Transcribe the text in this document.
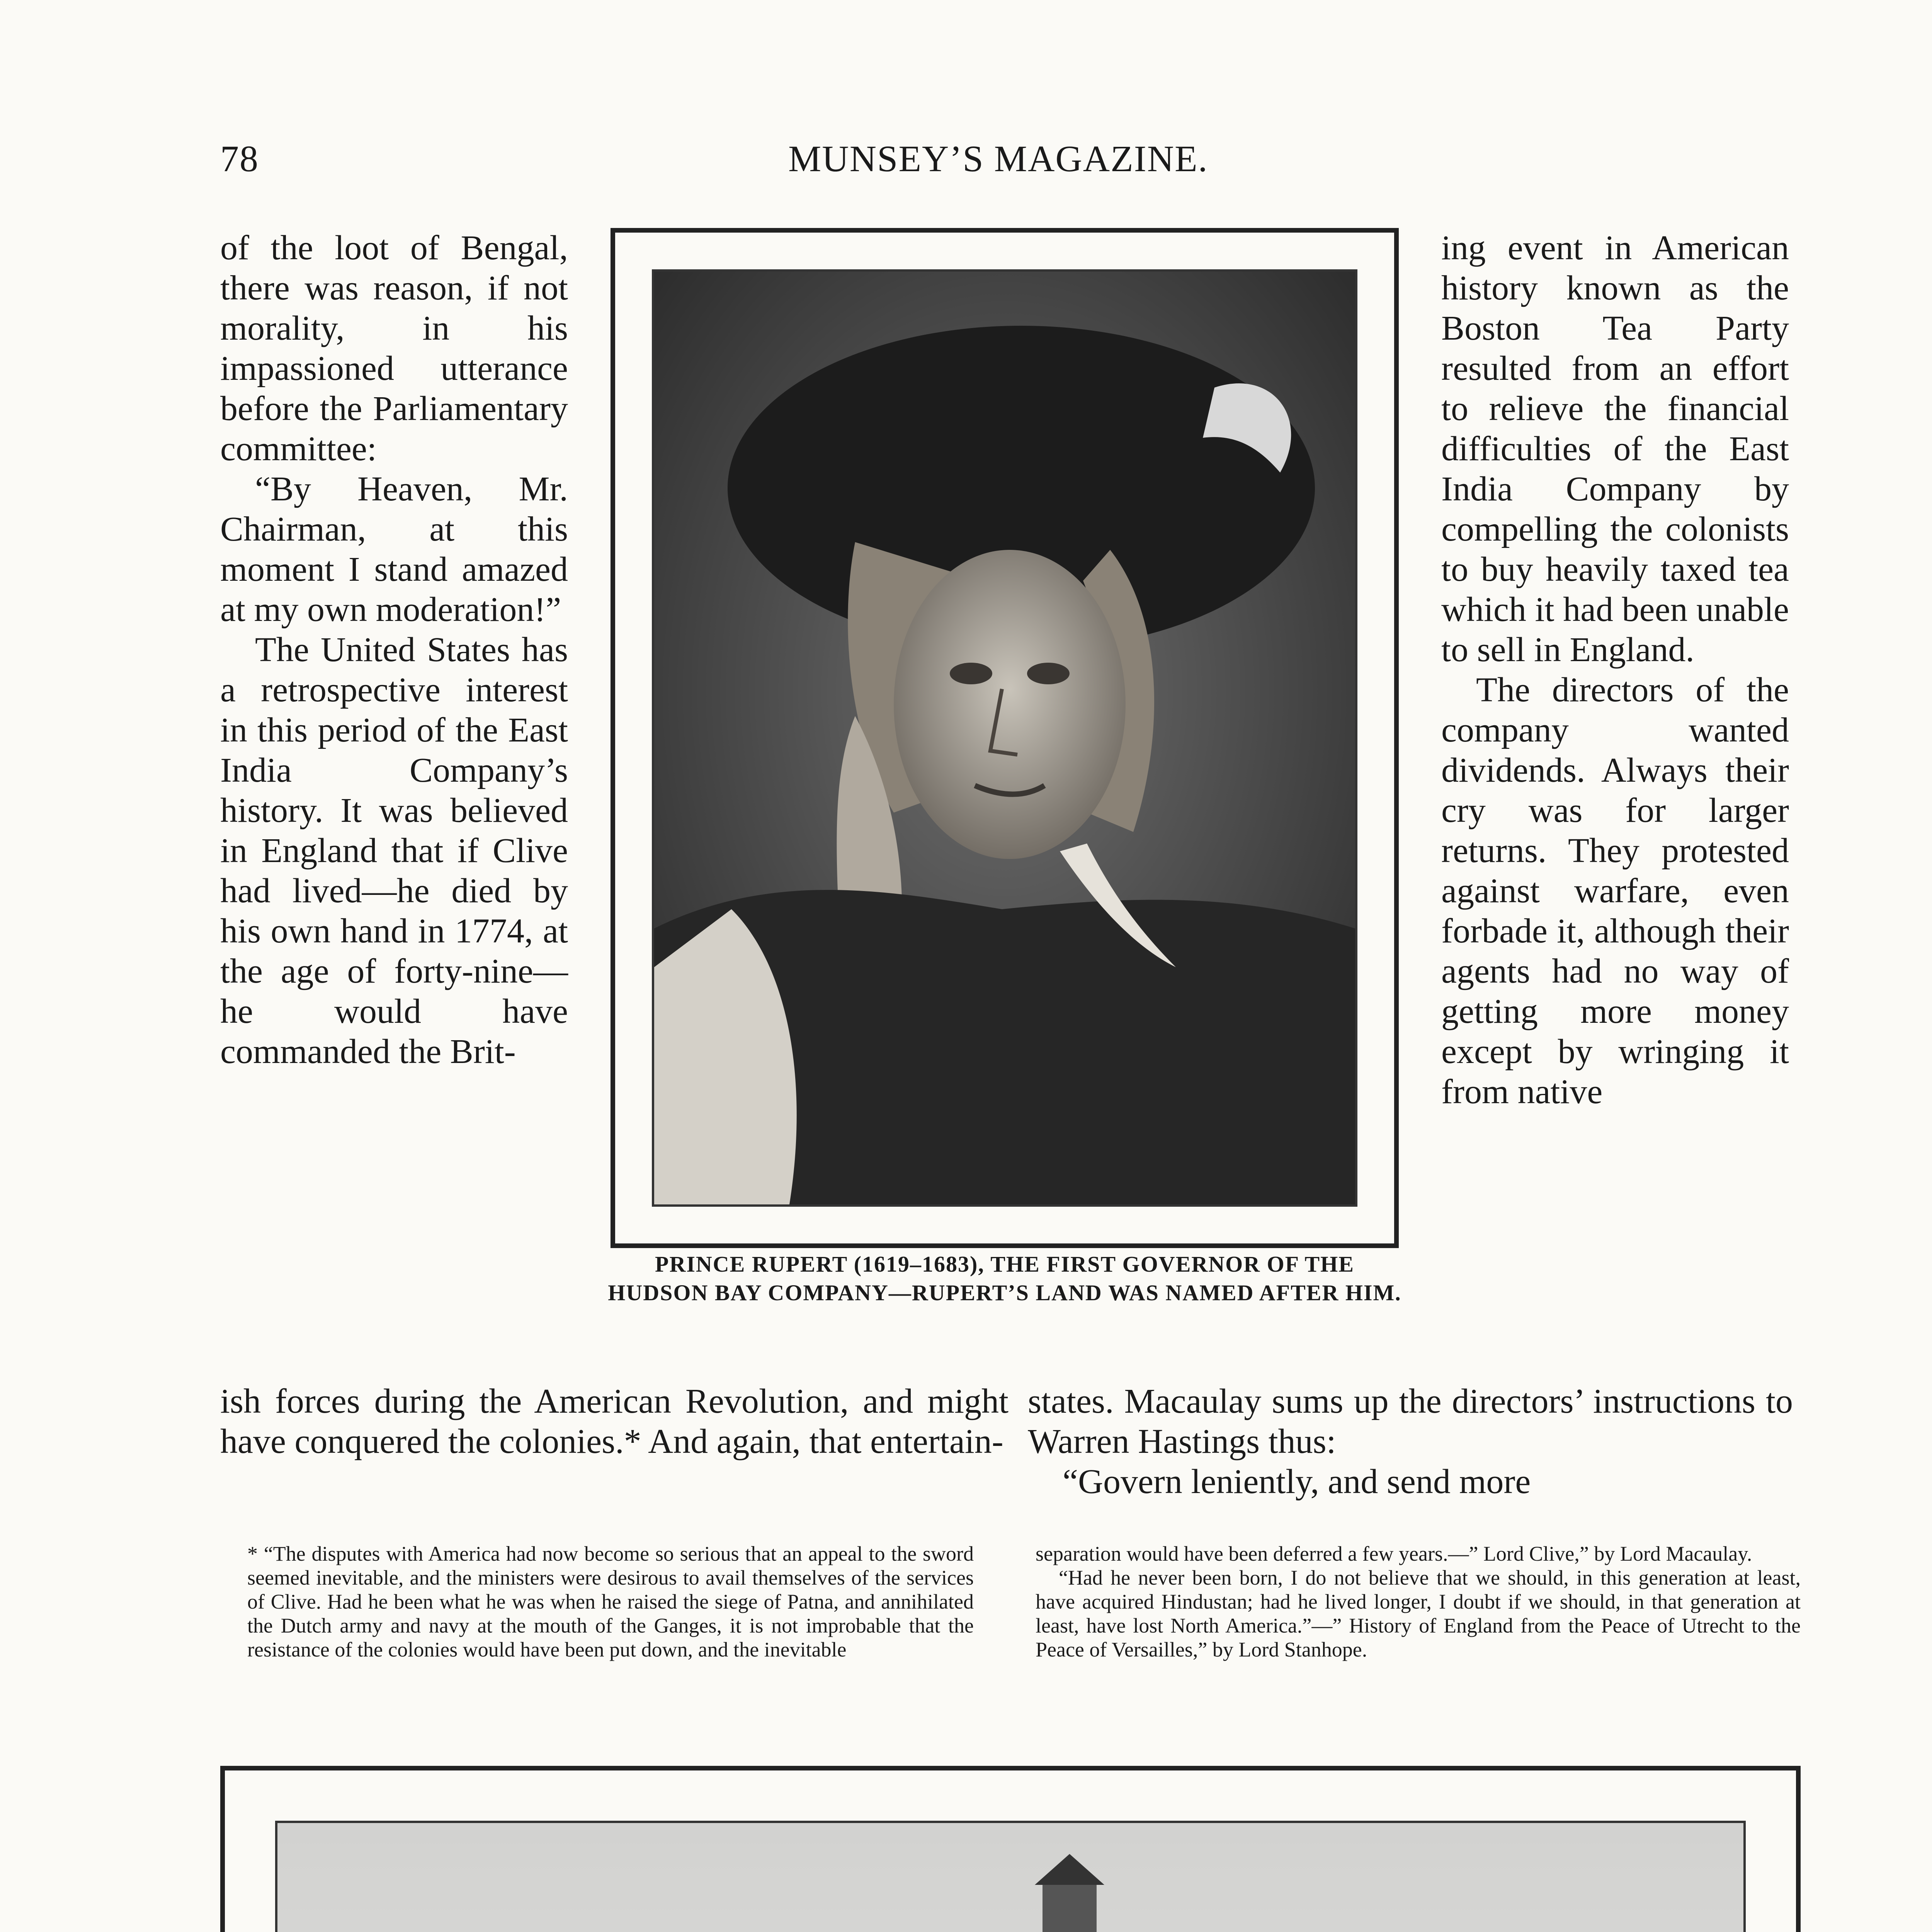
78	MUNSEY’S MAGAZINE.

of the loot of Bengal, there was reason, if not morality, in his impassioned utterance before the Parliamentary committee:

“By Heaven, Mr. Chairman, at this moment I stand amazed at my own moderation!”

The United States has a retrospective interest in this period of the East India Company’s history. It was believed in England that if Clive had lived—he died by his own hand in 1774, at the age of forty-nine—he would have commanded the Brit-

PRINCE RUPERT (1619–1683), THE FIRST GOVERNOR OF THE HUDSON BAY COMPANY—RUPERT’S LAND WAS NAMED AFTER HIM.

ing event in American history known as the Boston Tea Party resulted from an effort to relieve the financial difficulties of the East India Company by compelling the colonists to buy heavily taxed tea which it had been unable to sell in England.

The directors of the company wanted dividends. Always their cry was for larger returns. They protested against warfare, even forbade it, although their agents had no way of getting more money except by wringing it from native

ish forces during the American Revolution, and might have conquered the colonies.* And again, that entertain-

states. Macaulay sums up the directors’ instructions to Warren Hastings thus:

“Govern leniently, and send more

* “The disputes with America had now become so serious that an appeal to the sword seemed inevitable, and the ministers were desirous to avail themselves of the services of Clive. Had he been what he was when he raised the siege of Patna, and annihilated the Dutch army and navy at the mouth of the Ganges, it is not improbable that the resistance of the colonies would have been put down, and the inevitable

separation would have been deferred a few years.—” Lord Clive,” by Lord Macaulay.

“Had he never been born, I do not believe that we should, in this generation at least, have acquired Hindustan; had he lived longer, I doubt if we should, in that generation at least, have lost North America.”—” History of England from the Peace of Utrecht to the Peace of Versailles,” by Lord Stanhope.
